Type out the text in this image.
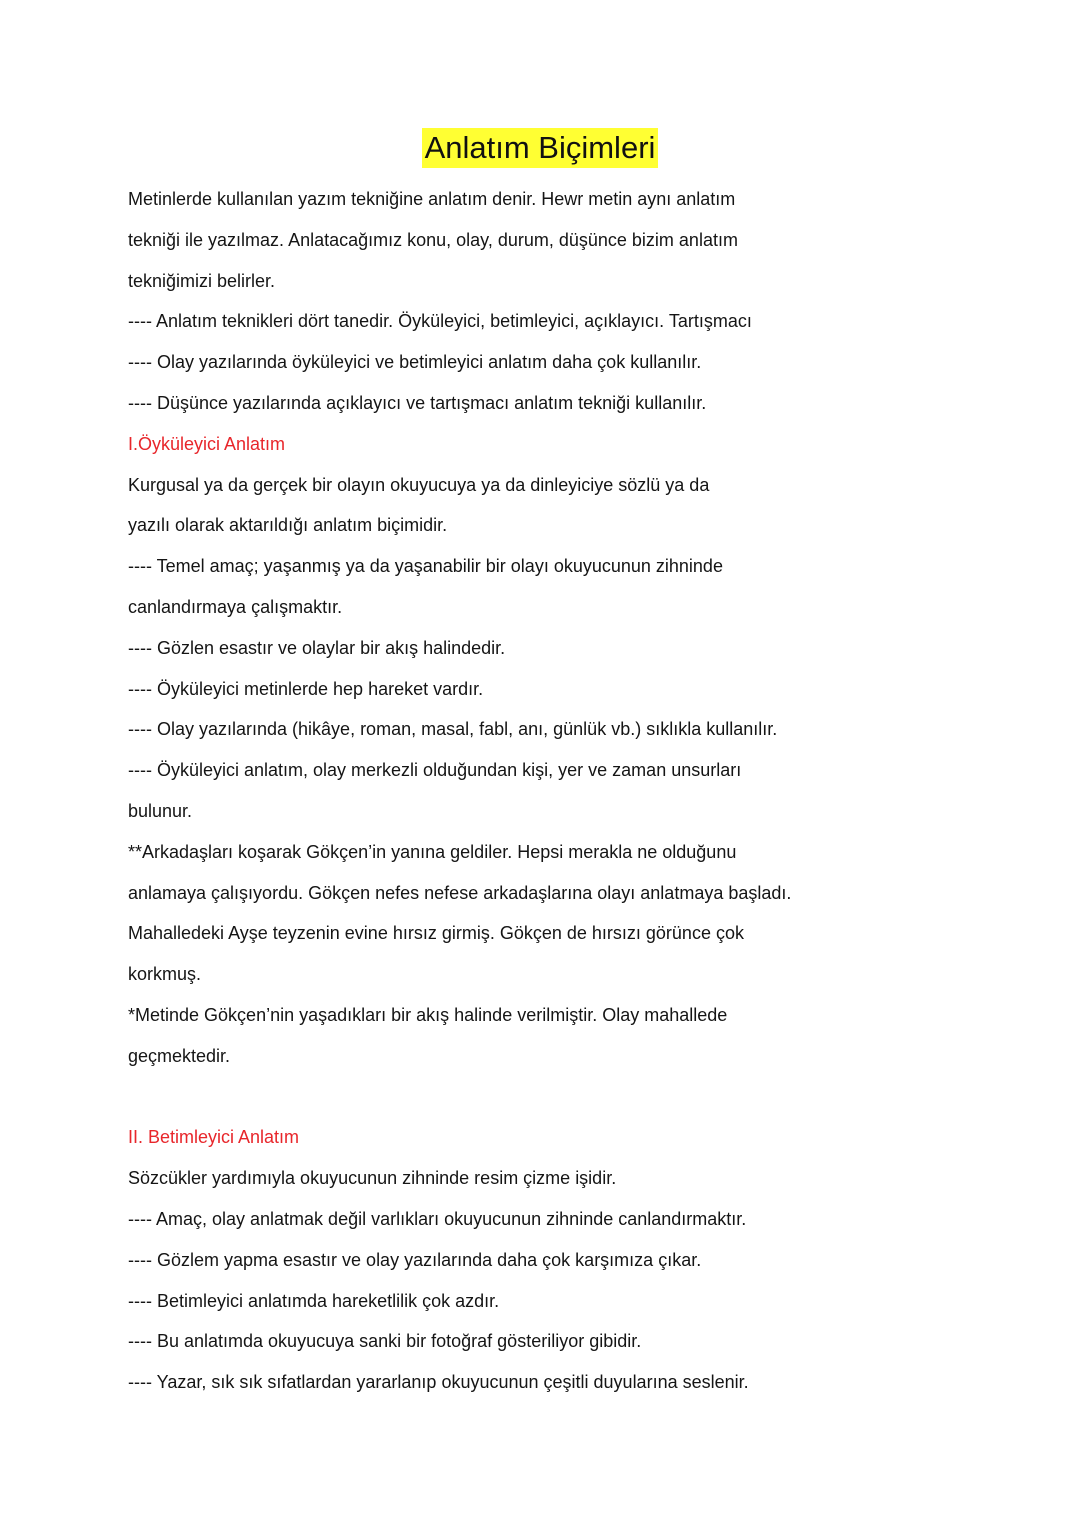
Anlatım Biçimleri
Metinlerde kullanılan yazım tekniğine anlatım denir. Hewr metin aynı anlatım
tekniği ile yazılmaz. Anlatacağımız konu, olay, durum, düşünce bizim anlatım
tekniğimizi belirler.
---- Anlatım teknikleri dört tanedir. Öyküleyici, betimleyici, açıklayıcı. Tartışmacı
---- Olay yazılarında öyküleyici ve betimleyici anlatım daha çok kullanılır.
---- Düşünce yazılarında açıklayıcı ve tartışmacı anlatım tekniği kullanılır.
I.Öyküleyici Anlatım
Kurgusal ya da gerçek bir olayın okuyucuya ya da dinleyiciye sözlü ya da
yazılı olarak aktarıldığı anlatım biçimidir.
---- Temel amaç; yaşanmış ya da yaşanabilir bir olayı okuyucunun zihninde
canlandırmaya çalışmaktır.
---- Gözlen esastır ve olaylar bir akış halindedir.
---- Öyküleyici metinlerde hep hareket vardır.
---- Olay yazılarında (hikâye, roman, masal, fabl, anı, günlük vb.) sıklıkla kullanılır.
---- Öyküleyici anlatım, olay merkezli olduğundan kişi, yer ve zaman unsurları
bulunur.
**Arkadaşları koşarak Gökçen’in yanına geldiler. Hepsi merakla ne olduğunu
anlamaya çalışıyordu. Gökçen nefes nefese arkadaşlarına olayı anlatmaya başladı.
Mahalledeki Ayşe teyzenin evine hırsız girmiş. Gökçen de hırsızı görünce çok
korkmuş.
*Metinde Gökçen’nin yaşadıkları bir akış halinde verilmiştir. Olay mahallede
geçmektedir.
II. Betimleyici Anlatım
Sözcükler yardımıyla okuyucunun zihninde resim çizme işidir.
---- Amaç, olay anlatmak değil varlıkları okuyucunun zihninde canlandırmaktır.
---- Gözlem yapma esastır ve olay yazılarında daha çok karşımıza çıkar.
---- Betimleyici anlatımda hareketlilik çok azdır.
---- Bu anlatımda okuyucuya sanki bir fotoğraf gösteriliyor gibidir.
---- Yazar, sık sık sıfatlardan yararlanıp okuyucunun çeşitli duyularına seslenir.
